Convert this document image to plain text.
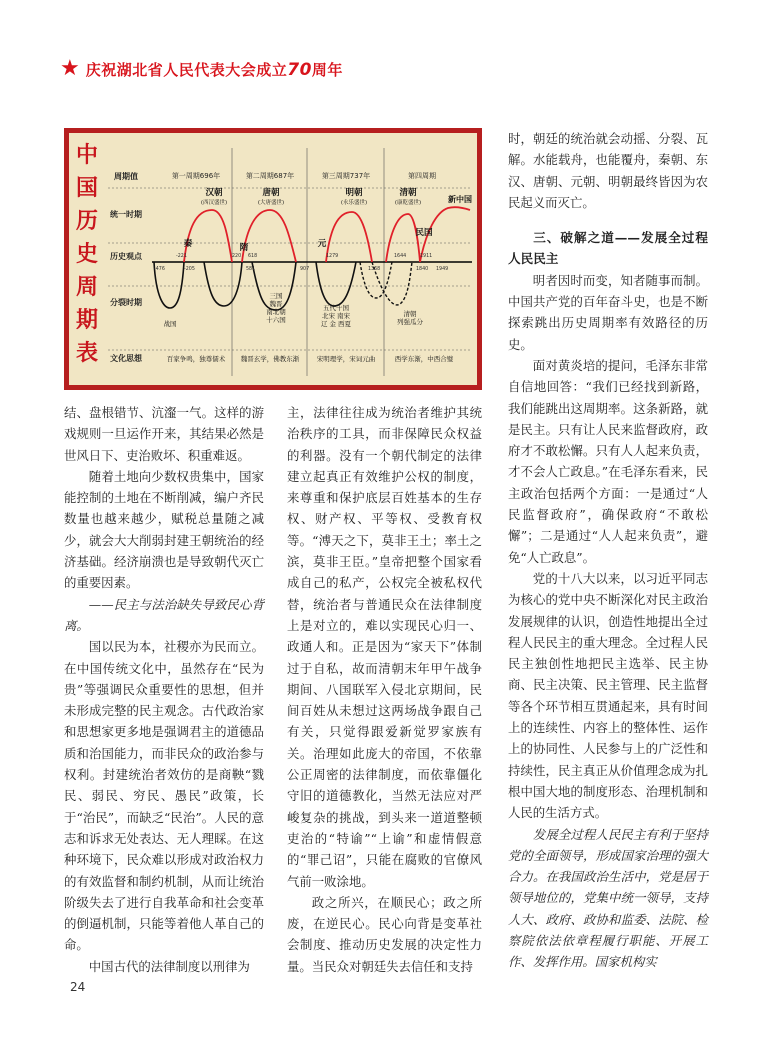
★ 庆祝湖北省人民代表大会成立70周年
中
国
历
史
周
期
表
周期值
统一时期
历史观点
分裂时期
文化思想
第一周期696年	第二周期687年	第三周期737年	第四周期
汉朝
(西汉盛世)
唐朝
(大唐盛世)
明朝
(永乐盛世)
清朝
(康乾盛世)	新中国
秦	隋	元
民国
-476
-221
-205
220
581
618
907
1279
1368
1644
1840
1911
1949
战国
三国魏晋南北朝十六国
五代十国北宋 南宋辽 金 西夏
清朝列强瓜分
百家争鸣，独尊儒术 魏晋玄学，佛教东渐	宋明理学，宋词元曲	西学东渐，中西合璧

结、盘根错节、沆瀣一气。这样的游戏规则一旦运作开来，其结果必然是世风日下、吏治败坏、积重难返。

随着土地向少数权贵集中，国家能控制的土地在不断削减，编户齐民数量也越来越少，赋税总量随之减少，就会大大削弱封建王朝统治的经济基础。经济崩溃也是导致朝代灭亡的重要因素。

——民主与法治缺失导致民心背离。

国以民为本，社稷亦为民而立。在中国传统文化中，虽然存在“民为贵”等强调民众重要性的思想，但并未形成完整的民主观念。古代政治家和思想家更多地是强调君主的道德品质和治国能力，而非民众的政治参与权利。封建统治者效仿的是商鞅“戮民、弱民、穷民、愚民”政策，长于“治民”，而缺乏“民治”。人民的意志和诉求无处表达、无人理睬。在这种环境下，民众难以形成对政治权力的有效监督和制约机制，从而让统治阶级失去了进行自我革命和社会变革的倒逼机制，只能等着他人革自己的命。

中国古代的法律制度以刑律为

主，法律往往成为统治者维护其统治秩序的工具，而非保障民众权益的利器。没有一个朝代制定的法律建立起真正有效维护公权的制度，来尊重和保护底层百姓基本的生存权、财产权、平等权、受教育权等。“溥天之下，莫非王土；率土之滨，莫非王臣。”皇帝把整个国家看成自己的私产，公权完全被私权代替，统治者与普通民众在法律制度上是对立的，难以实现民心归一、政通人和。正是因为“家天下”体制过于自私，故而清朝末年甲午战争期间、八国联军入侵北京期间，民间百姓从未想过这两场战争跟自己有关，只觉得跟爱新觉罗家族有关。治理如此庞大的帝国，不依靠公正周密的法律制度，而依靠僵化守旧的道德教化，当然无法应对严峻复杂的挑战，到头来一道道整顿吏治的“特谕”“上谕”和虚情假意的“罪己诏”，只能在腐败的官僚风气前一败涂地。

政之所兴，在顺民心；政之所废，在逆民心。民心向背是变革社会制度、推动历史发展的决定性力量。当民众对朝廷失去信任和支持

时，朝廷的统治就会动摇、分裂、瓦解。水能载舟，也能覆舟，秦朝、东汉、唐朝、元朝、明朝最终皆因为农民起义而灭亡。

三、破解之道——发展全过程人民民主

明者因时而变，知者随事而制。中国共产党的百年奋斗史，也是不断探索跳出历史周期率有效路径的历史。

面对黄炎培的提问，毛泽东非常自信地回答：“我们已经找到新路，我们能跳出这周期率。这条新路，就是民主。只有让人民来监督政府，政府才不敢松懈。只有人人起来负责，才不会人亡政息。”在毛泽东看来，民主政治包括两个方面：一是通过“人民监督政府”，确保政府“不敢松懈”；二是通过“人人起来负责”，避免“人亡政息”。

党的十八大以来，以习近平同志为核心的党中央不断深化对民主政治发展规律的认识，创造性地提出全过程人民民主的重大理念。全过程人民民主独创性地把民主选举、民主协商、民主决策、民主管理、民主监督等各个环节相互贯通起来，具有时间上的连续性、内容上的整体性、运作上的协同性、人民参与上的广泛性和持续性，民主真正从价值理念成为扎根中国大地的制度形态、治理机制和人民的生活方式。

发展全过程人民民主有利于坚持党的全面领导，形成国家治理的强大合力。在我国政治生活中，党是居于领导地位的，党集中统一领导，支持人大、政府、政协和监委、法院、检察院依法依章程履行职能、开展工作、发挥作用。国家机构实

24
